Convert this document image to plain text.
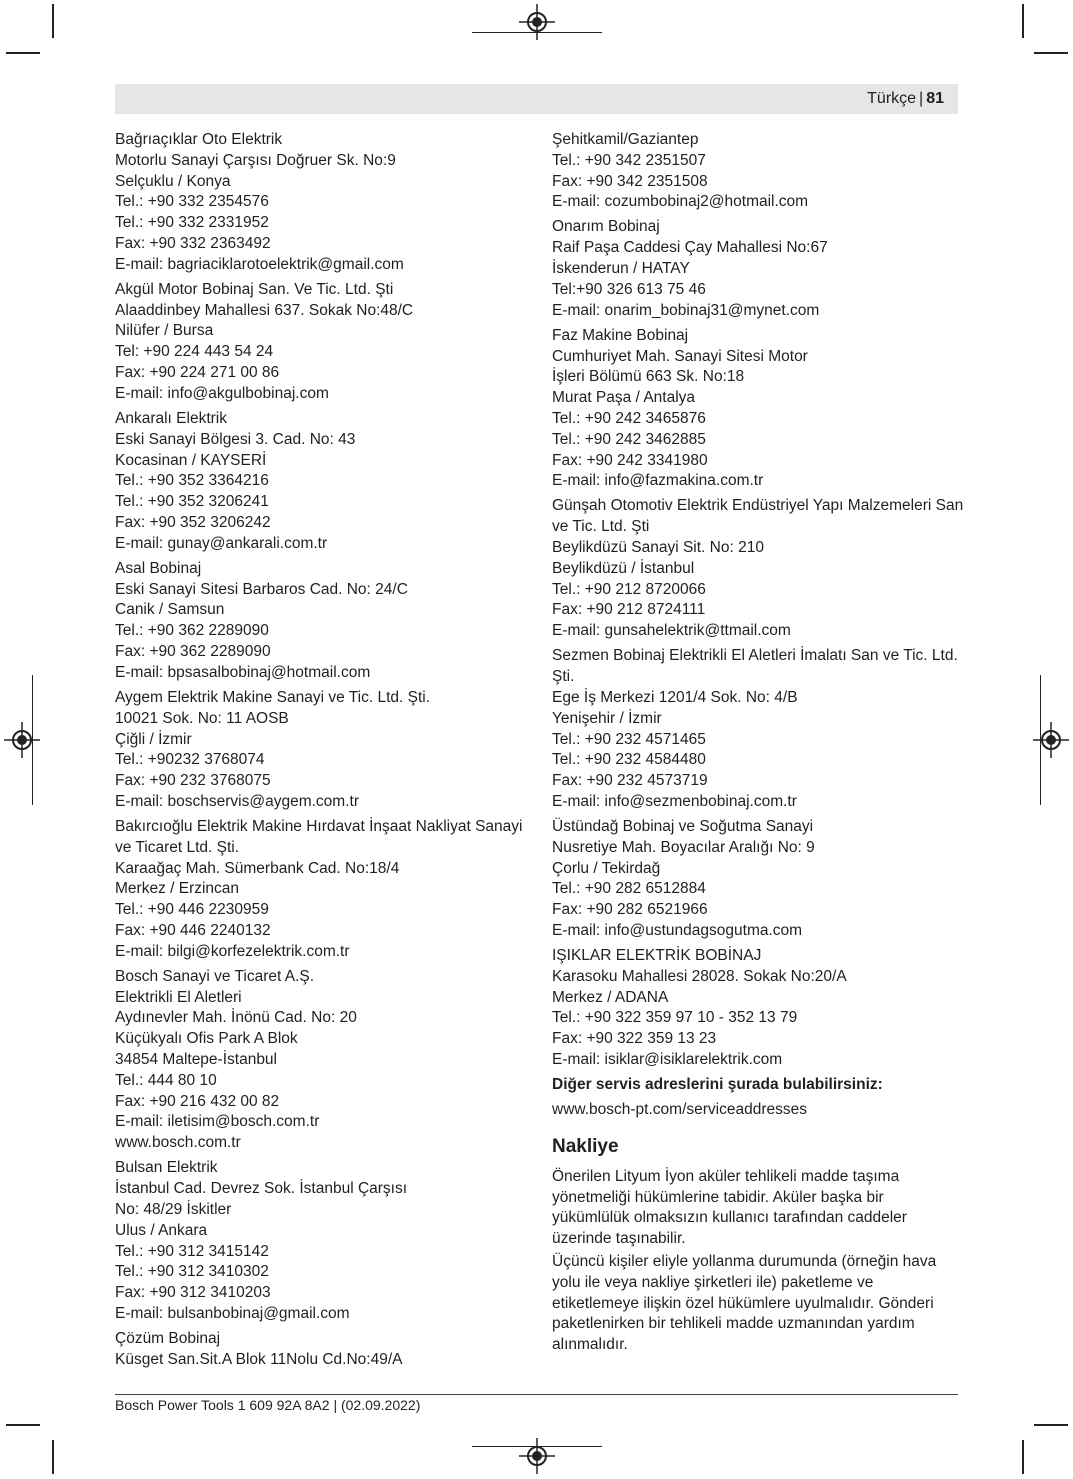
Türkçe | 81
Bağrıaçıklar Oto Elektrik
Motorlu Sanayi Çarşısı Doğruer Sk. No:9
Selçuklu / Konya
Tel.: +90 332 2354576
Tel.: +90 332 2331952
Fax: +90 332 2363492
E-mail: bagriaciklarotoelektrik@gmail.com
Akgül Motor Bobinaj San. Ve Tic. Ltd. Şti
Alaaddinbey Mahallesi 637. Sokak No:48/C
Nilüfer / Bursa
Tel: +90 224 443 54 24
Fax: +90 224 271 00 86
E-mail: info@akgulbobinaj.com
Ankaralı Elektrik
Eski Sanayi Bölgesi 3. Cad. No: 43
Kocasinan / KAYSERİ
Tel.: +90 352 3364216
Tel.: +90 352 3206241
Fax: +90 352 3206242
E-mail: gunay@ankarali.com.tr
Asal Bobinaj
Eski Sanayi Sitesi Barbaros Cad. No: 24/C
Canik / Samsun
Tel.: +90 362 2289090
Fax: +90 362 2289090
E-mail: bpsasalbobinaj@hotmail.com
Aygem Elektrik Makine Sanayi ve Tic. Ltd. Şti.
10021 Sok. No: 11 AOSB
Çiğli / İzmir
Tel.: +90232 3768074
Fax: +90 232 3768075
E-mail: boschservis@aygem.com.tr
Bakırcıoğlu Elektrik Makine Hırdavat İnşaat Nakliyat Sanayi
ve Ticaret Ltd. Şti.
Karaağaç Mah. Sümerbank Cad. No:18/4
Merkez / Erzincan
Tel.: +90 446 2230959
Fax: +90 446 2240132
E-mail: bilgi@korfezelektrik.com.tr
Bosch Sanayi ve Ticaret A.Ş.
Elektrikli El Aletleri
Aydınevler Mah. İnönü Cad. No: 20
Küçükyalı Ofis Park A Blok
34854 Maltepe-İstanbul
Tel.: 444 80 10
Fax: +90 216 432 00 82
E-mail: iletisim@bosch.com.tr
www.bosch.com.tr
Bulsan Elektrik
İstanbul Cad. Devrez Sok. İstanbul Çarşısı
No: 48/29 İskitler
Ulus / Ankara
Tel.: +90 312 3415142
Tel.: +90 312 3410302
Fax: +90 312 3410203
E-mail: bulsanbobinaj@gmail.com
Çözüm Bobinaj
Küsget San.Sit.A Blok 11Nolu Cd.No:49/A
Şehitkamil/Gaziantep
Tel.: +90 342 2351507
Fax: +90 342 2351508
E-mail: cozumbobinaj2@hotmail.com
Onarım Bobinaj
Raif Paşa Caddesi Çay Mahallesi No:67
İskenderun / HATAY
Tel:+90 326 613 75 46
E-mail: onarim_bobinaj31@mynet.com
Faz Makine Bobinaj
Cumhuriyet Mah. Sanayi Sitesi Motor
İşleri Bölümü 663 Sk. No:18
Murat Paşa / Antalya
Tel.: +90 242 3465876
Tel.: +90 242 3462885
Fax: +90 242 3341980
E-mail: info@fazmakina.com.tr
Günşah Otomotiv Elektrik Endüstriyel Yapı Malzemeleri San
ve Tic. Ltd. Şti
Beylikdüzü Sanayi Sit. No: 210
Beylikdüzü / İstanbul
Tel.: +90 212 8720066
Fax: +90 212 8724111
E-mail: gunsahelektrik@ttmail.com
Sezmen Bobinaj Elektrikli El Aletleri İmalatı San ve Tic. Ltd.
Şti.
Ege İş Merkezi 1201/4 Sok. No: 4/B
Yenişehir / İzmir
Tel.: +90 232 4571465
Tel.: +90 232 4584480
Fax: +90 232 4573719
E-mail: info@sezmenbobinaj.com.tr
Üstündağ Bobinaj ve Soğutma Sanayi
Nusretiye Mah. Boyacılar Aralığı No: 9
Çorlu / Tekirdağ
Tel.: +90 282 6512884
Fax: +90 282 6521966
E-mail: info@ustundagsogutma.com
IŞIKLAR ELEKTRİK BOBİNAJ
Karasoku Mahallesi 28028. Sokak No:20/A
Merkez / ADANA
Tel.: +90 322 359 97 10 - 352 13 79
Fax: +90 322 359 13 23
E-mail: isiklar@isiklarelektrik.com
Diğer servis adreslerini şurada bulabilirsiniz:
www.bosch-pt.com/serviceaddresses
Nakliye
Önerilen Lityum İyon aküler tehlikeli madde taşıma yönetmeliği hükümlerine tabidir. Aküler başka bir yükümlülük olmaksızın kullanıcı tarafından caddeler üzerinde taşınabilir.
Üçüncü kişiler eliyle yollanma durumunda (örneğin hava yolu ile veya nakliye şirketleri ile) paketleme ve etiketlemeye ilişkin özel hükümlere uyulmalıdır. Gönderi paketlenirken bir tehlikeli madde uzmanından yardım alınmalıdır.
Bosch Power Tools 1 609 92A 8A2 | (02.09.2022)
